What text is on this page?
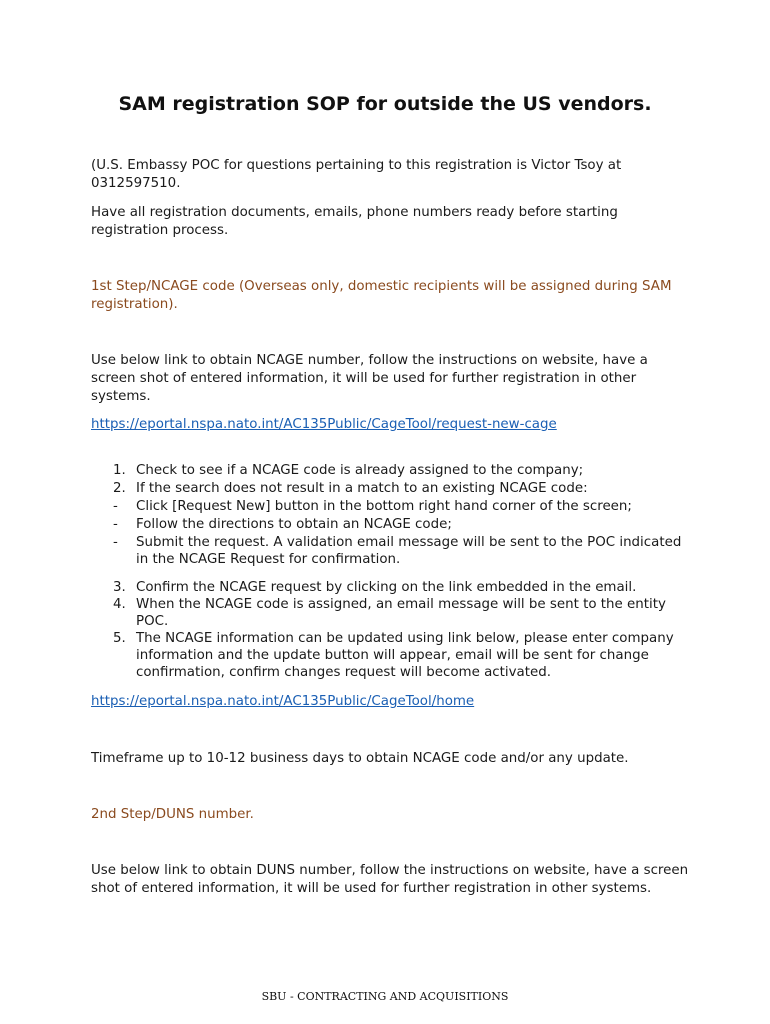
SAM registration SOP for outside the US vendors.

(U.S. Embassy POC for questions pertaining to this registration is Victor Tsoy at 0312597510.

Have all registration documents, emails, phone numbers ready before starting registration process.

1st Step/NCAGE code (Overseas only, domestic recipients will be assigned during SAM registration).

Use below link to obtain NCAGE number, follow the instructions on website, have a screen shot of entered information, it will be used for further registration in other systems.

https://eportal.nspa.nato.int/AC135Public/CageTool/request-new-cage

1. Check to see if a NCAGE code is already assigned to the company;
2. If the search does not result in a match to an existing NCAGE code:
-	Click [Request New] button in the bottom right hand corner of the screen;
-	Follow the directions to obtain an NCAGE code;
-	Submit the request. A validation email message will be sent to the POC indicated in the NCAGE Request for confirmation.
3. Confirm the NCAGE request by clicking on the link embedded in the email.
4. When the NCAGE code is assigned, an email message will be sent to the entity POC.
5. The NCAGE information can be updated using link below, please enter company information and the update button will appear, email will be sent for change confirmation, confirm changes request will become activated.

https://eportal.nspa.nato.int/AC135Public/CageTool/home

Timeframe up to 10-12 business days to obtain NCAGE code and/or any update.

2nd Step/DUNS number.

Use below link to obtain DUNS number, follow the instructions on website, have a screen shot of entered information, it will be used for further registration in other systems.

SBU - CONTRACTING AND ACQUISITIONS
